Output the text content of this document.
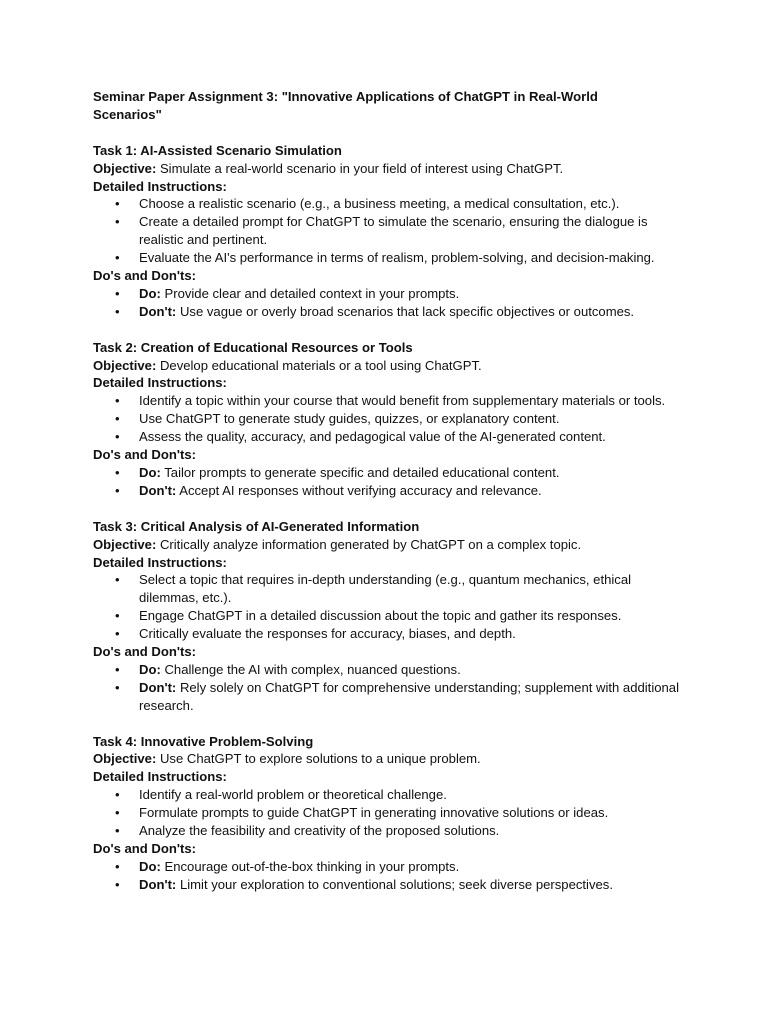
Seminar Paper Assignment 3: "Innovative Applications of ChatGPT in Real-World Scenarios"
Task 1: AI-Assisted Scenario Simulation
Objective: Simulate a real-world scenario in your field of interest using ChatGPT.
Detailed Instructions:
• Choose a realistic scenario (e.g., a business meeting, a medical consultation, etc.).
• Create a detailed prompt for ChatGPT to simulate the scenario, ensuring the dialogue is realistic and pertinent.
• Evaluate the AI's performance in terms of realism, problem-solving, and decision-making.
Do's and Don'ts:
• Do: Provide clear and detailed context in your prompts.
• Don't: Use vague or overly broad scenarios that lack specific objectives or outcomes.
Task 2: Creation of Educational Resources or Tools
Objective: Develop educational materials or a tool using ChatGPT.
Detailed Instructions:
• Identify a topic within your course that would benefit from supplementary materials or tools.
• Use ChatGPT to generate study guides, quizzes, or explanatory content.
• Assess the quality, accuracy, and pedagogical value of the AI-generated content.
Do's and Don'ts:
• Do: Tailor prompts to generate specific and detailed educational content.
• Don't: Accept AI responses without verifying accuracy and relevance.
Task 3: Critical Analysis of AI-Generated Information
Objective: Critically analyze information generated by ChatGPT on a complex topic.
Detailed Instructions:
• Select a topic that requires in-depth understanding (e.g., quantum mechanics, ethical dilemmas, etc.).
• Engage ChatGPT in a detailed discussion about the topic and gather its responses.
• Critically evaluate the responses for accuracy, biases, and depth.
Do's and Don'ts:
• Do: Challenge the AI with complex, nuanced questions.
• Don't: Rely solely on ChatGPT for comprehensive understanding; supplement with additional research.
Task 4: Innovative Problem-Solving
Objective: Use ChatGPT to explore solutions to a unique problem.
Detailed Instructions:
• Identify a real-world problem or theoretical challenge.
• Formulate prompts to guide ChatGPT in generating innovative solutions or ideas.
• Analyze the feasibility and creativity of the proposed solutions.
Do's and Don'ts:
• Do: Encourage out-of-the-box thinking in your prompts.
• Don't: Limit your exploration to conventional solutions; seek diverse perspectives.
